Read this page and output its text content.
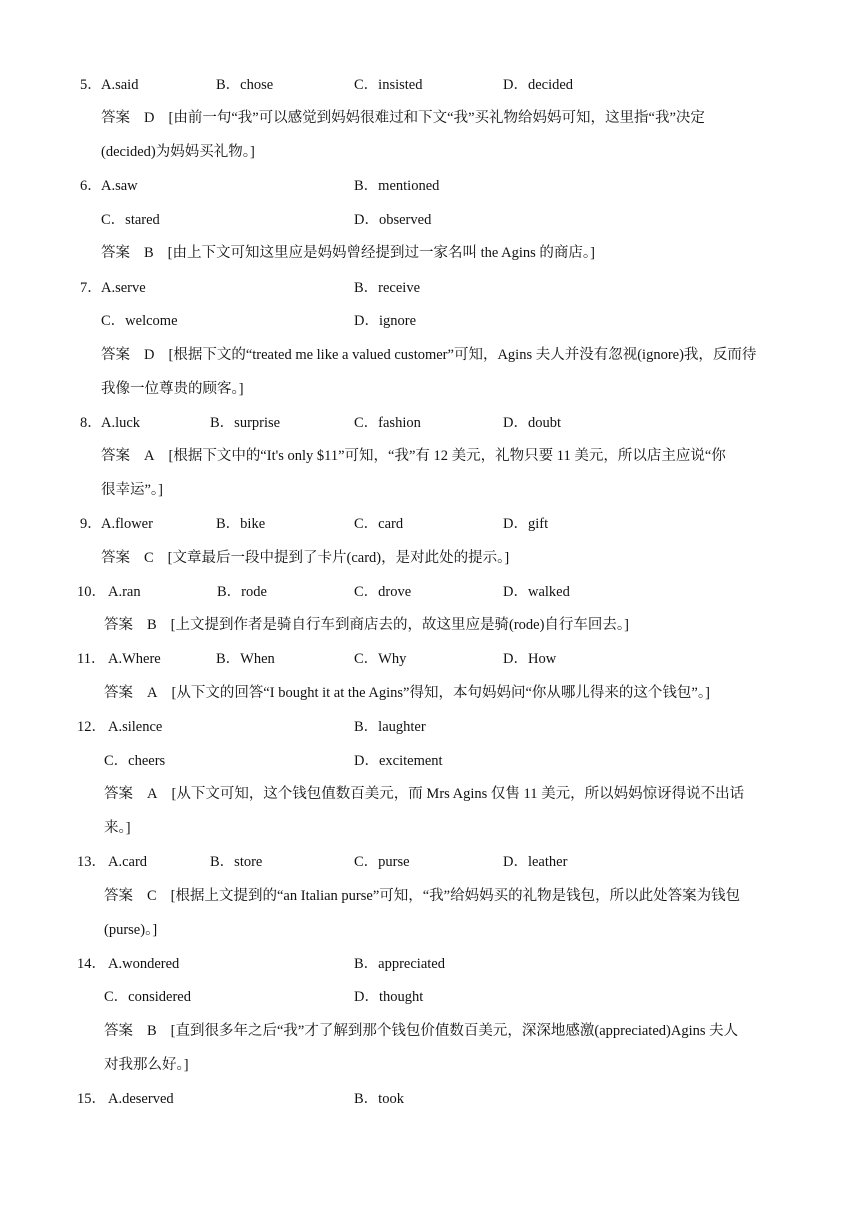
5． A.said	B．chose	C．insisted	D．decided
答案 D [由前一句“我”可以感觉到妈妈很难过和下文“我”买礼物给妈妈可知，这里指“我”决定
(decided)为妈妈买礼物。]
6． A.saw	B．mentioned
C．stared	D．observed
答案 B [由上下文可知这里应是妈妈曾经提到过一家名叫 the Agins 的商店。]
7． A.serve	B．receive
C．welcome	D．ignore
答案 D [根据下文的“treated me like a valued customer”可知，Agins 夫人并没有忽视(ignore)我，反而待
我像一位尊贵的顾客。]
8． A.luck	B．surprise	C．fashion	D．doubt
答案 A [根据下文中的“It's only $11”可知，“我”有 12 美元，礼物只要 11 美元，所以店主应说“你
很幸运”。]
9． A.flower	B．bike	C．card	D．gift
答案 C [文章最后一段中提到了卡片(card)，是对此处的提示。]
10． A.ran	B．rode	C．drove	D．walked
答案 B [上文提到作者是骑自行车到商店去的，故这里应是骑(rode)自行车回去。]
11． A.Where	B．When	C．Why	D．How
答案 A [从下文的回答“I bought it at the Agins”得知，本句妈妈问“你从哪儿得来的这个钱包”。]
12． A.silence	B．laughter
C．cheers	D．excitement
答案 A [从下文可知，这个钱包值数百美元，而 Mrs Agins 仅售 11 美元，所以妈妈惊讶得说不出话
来。]
13． A.card	B．store	C．purse	D．leather
答案 C [根据上文提到的“an Italian purse”可知，“我”给妈妈买的礼物是钱包，所以此处答案为钱包
(purse)。]
14． A.wondered	B．appreciated
C．considered	D．thought
答案 B [直到很多年之后“我”才了解到那个钱包价值数百美元，深深地感激(appreciated)Agins 夫人
对我那么好。]
15． A.deserved	B．took
